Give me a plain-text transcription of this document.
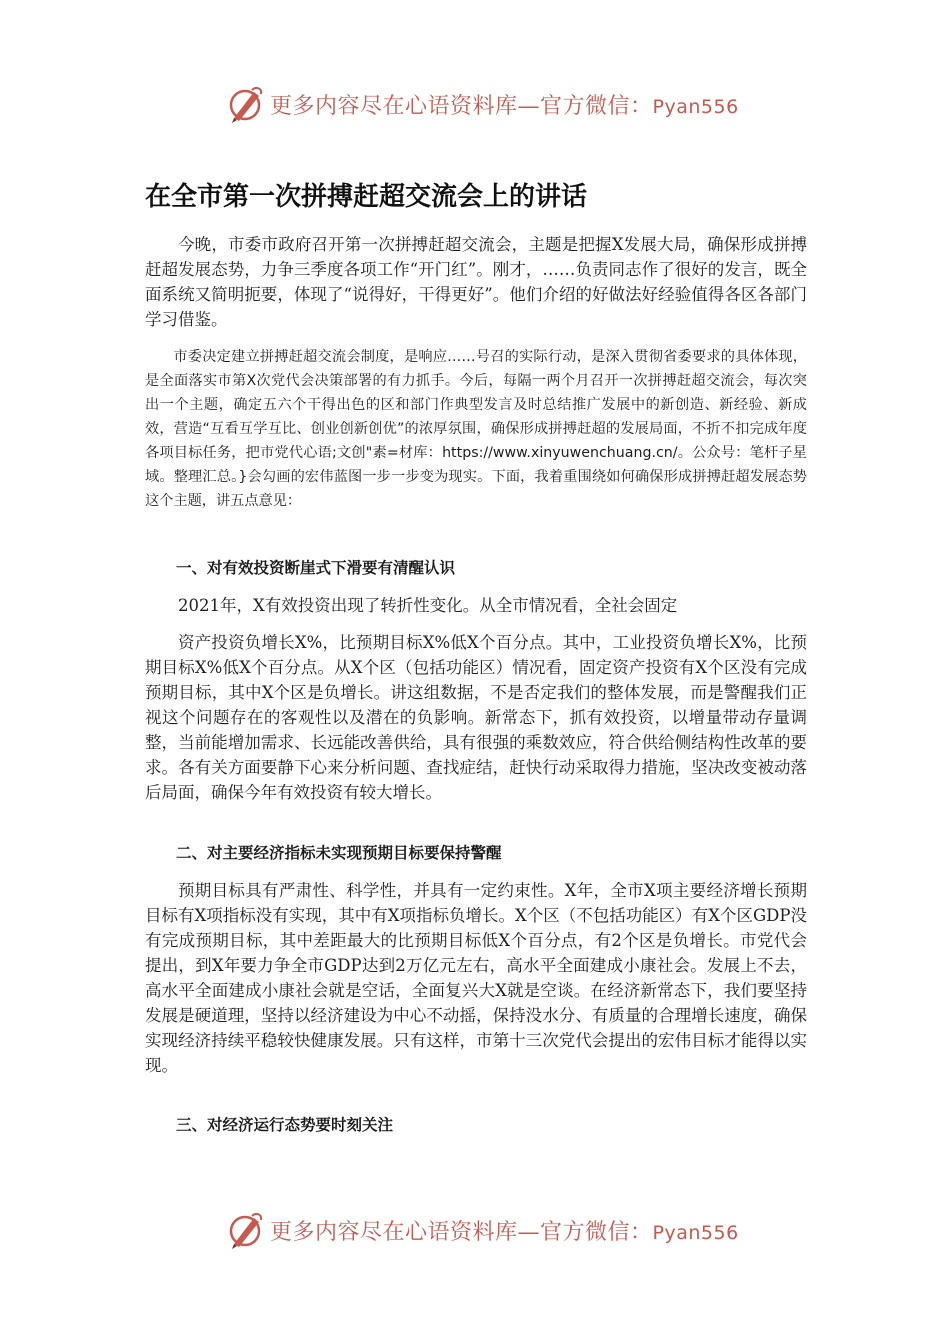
更多内容尽在心语资料库—官方微信：Pyan556
在全市第一次拼搏赶超交流会上的讲话

今晚，市委市政府召开第一次拼搏赶超交流会，主题是把握X发展大局，确保形成拼搏赶超发展态势，力争三季度各项工作“开门红”。刚才，……负责同志作了很好的发言，既全面系统又简明扼要，体现了“说得好，干得更好”。他们介绍的好做法好经验值得各区各部门学习借鉴。

市委决定建立拼搏赶超交流会制度，是响应……号召的实际行动，是深入贯彻省委要求的具体体现，是全面落实市第X次党代会决策部署的有力抓手。今后，每隔一两个月召开一次拼搏赶超交流会，每次突出一个主题，确定五六个干得出色的区和部门作典型发言及时总结推广发展中的新创造、新经验、新成效，营造“互看互学互比、创业创新创优”的浓厚氛围，确保形成拼搏赶超的发展局面，不折不扣完成年度各项目标任务，把市党代心语;文创"素=材库：https://www.xinyuwenchuang.cn/。公众号：笔杆子星域。整理汇总。}会勾画的宏伟蓝图一步一步变为现实。下面，我着重围绕如何确保形成拼搏赶超发展态势这个主题，讲五点意见：

一、对有效投资断崖式下滑要有清醒认识

2021年，X有效投资出现了转折性变化。从全市情况看，全社会固定

资产投资负增长X%，比预期目标X%低X个百分点。其中，工业投资负增长X%，比预期目标X%低X个百分点。从X个区（包括功能区）情况看，固定资产投资有X个区没有完成预期目标，其中X个区是负增长。讲这组数据，不是否定我们的整体发展，而是警醒我们正视这个问题存在的客观性以及潜在的负影响。新常态下，抓有效投资，以增量带动存量调整，当前能增加需求、长远能改善供给，具有很强的乘数效应，符合供给侧结构性改革的要求。各有关方面要静下心来分析问题、查找症结，赶快行动采取得力措施，坚决改变被动落后局面，确保今年有效投资有较大增长。

二、对主要经济指标未实现预期目标要保持警醒

预期目标具有严肃性、科学性，并具有一定约束性。X年，全市X项主要经济增长预期目标有X项指标没有实现，其中有X项指标负增长。X个区（不包括功能区）有X个区GDP没有完成预期目标，其中差距最大的比预期目标低X个百分点，有2个区是负增长。市党代会提出，到X年要力争全市GDP达到2万亿元左右，高水平全面建成小康社会。发展上不去，高水平全面建成小康社会就是空话，全面复兴大X就是空谈。在经济新常态下，我们要坚持发展是硬道理，坚持以经济建设为中心不动摇，保持没水分、有质量的合理增长速度，确保实现经济持续平稳较快健康发展。只有这样，市第十三次党代会提出的宏伟目标才能得以实现。

三、对经济运行态势要时刻关注
更多内容尽在心语资料库—官方微信：Pyan556
